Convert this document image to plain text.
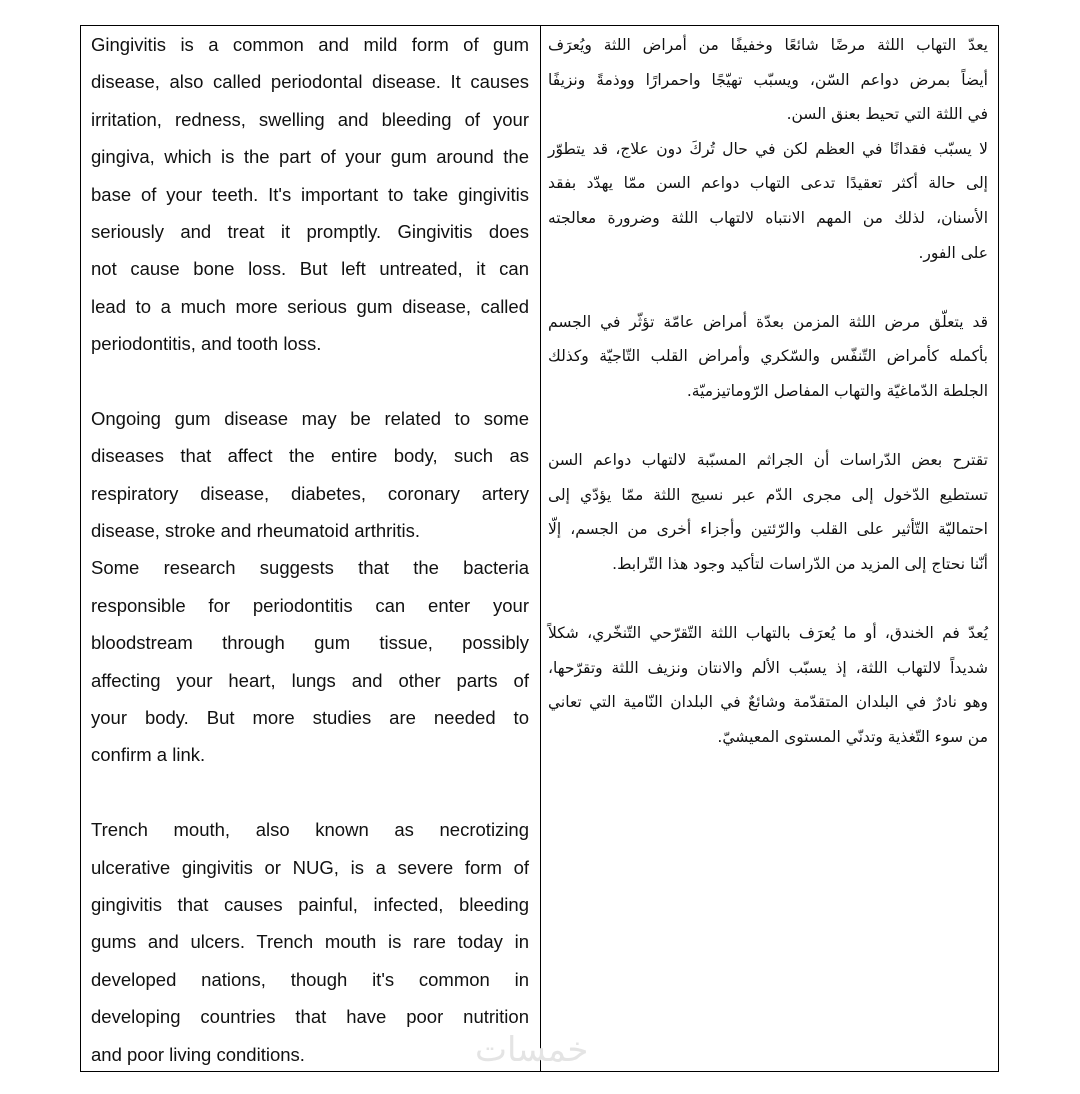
Gingivitis is a common and mild form of gum
disease, also called periodontal disease. It causes
irritation, redness, swelling and bleeding of your
gingiva, which is the part of your gum around the
base of your teeth. It's important to take gingivitis
seriously and treat it promptly. Gingivitis does
not cause bone loss. But left untreated, it can
lead to a much more serious gum disease, called
periodontitis, and tooth loss.
Ongoing gum disease may be related to some
diseases that affect the entire body, such as
respiratory disease, diabetes, coronary artery
disease, stroke and rheumatoid arthritis.
Some research suggests that the bacteria
responsible for periodontitis can enter your
bloodstream through gum tissue, possibly
affecting your heart, lungs and other parts of
your body. But more studies are needed to
confirm a link.
Trench mouth, also known as necrotizing
ulcerative gingivitis or NUG, is a severe form of
gingivitis that causes painful, infected, bleeding
gums and ulcers. Trench mouth is rare today in
developed nations, though it's common in
developing countries that have poor nutrition
and poor living conditions.
يعدّ التهاب اللثة مرضًا شائعًا وخفيفًا من أمراض اللثة ويُعرَف
أيضاً بمرض دواعم السّن، ويسبّب تهيّجًا واحمرارًا ووذمةً ونزيفًا
في اللثة التي تحيط بعنق السن.
لا يسبّب فقدانًا في العظم لكن في حال تُركَ دون علاج، قد يتطوّر
إلى حالة أكثر تعقيدًا تدعى التهاب دواعم السن ممّا يهدّد بفقد
الأسنان، لذلك من المهم الانتباه لالتهاب اللثة وضرورة معالجته
على الفور.
قد يتعلّق مرض اللثة المزمن بعدّة أمراض عامّة تؤثّر في الجسم
بأكمله كأمراض التّنفّس والسّكري وأمراض القلب التّاجيّة وكذلك
الجلطة الدّماغيّة والتهاب المفاصل الرّوماتيزميّة.
تقترح بعض الدّراسات أن الجراثم المسبّبة لالتهاب دواعم السن
تستطيع الدّخول إلى مجرى الدّم عبر نسيج اللثة ممّا يؤدّي إلى
احتماليّة التّأثير على القلب والرّئتين وأجزاء أخرى من الجسم، إلّا
أنّنا نحتاج إلى المزيد من الدّراسات لتأكيد وجود هذا التّرابط.
يُعدّ فم الخندق، أو ما يُعرَف بالتهاب اللثة التّقرّحي التّنخّري، شكلاً
شديداً لالتهاب اللثة، إذ يسبّب الألم والانتان ونزيف اللثة وتقرّحها،
وهو نادرٌ في البلدان المتقدّمة وشائعٌ في البلدان النّامية التي تعاني
من سوء التّغذية وتدنّي المستوى المعيشيّ.
خمسات
